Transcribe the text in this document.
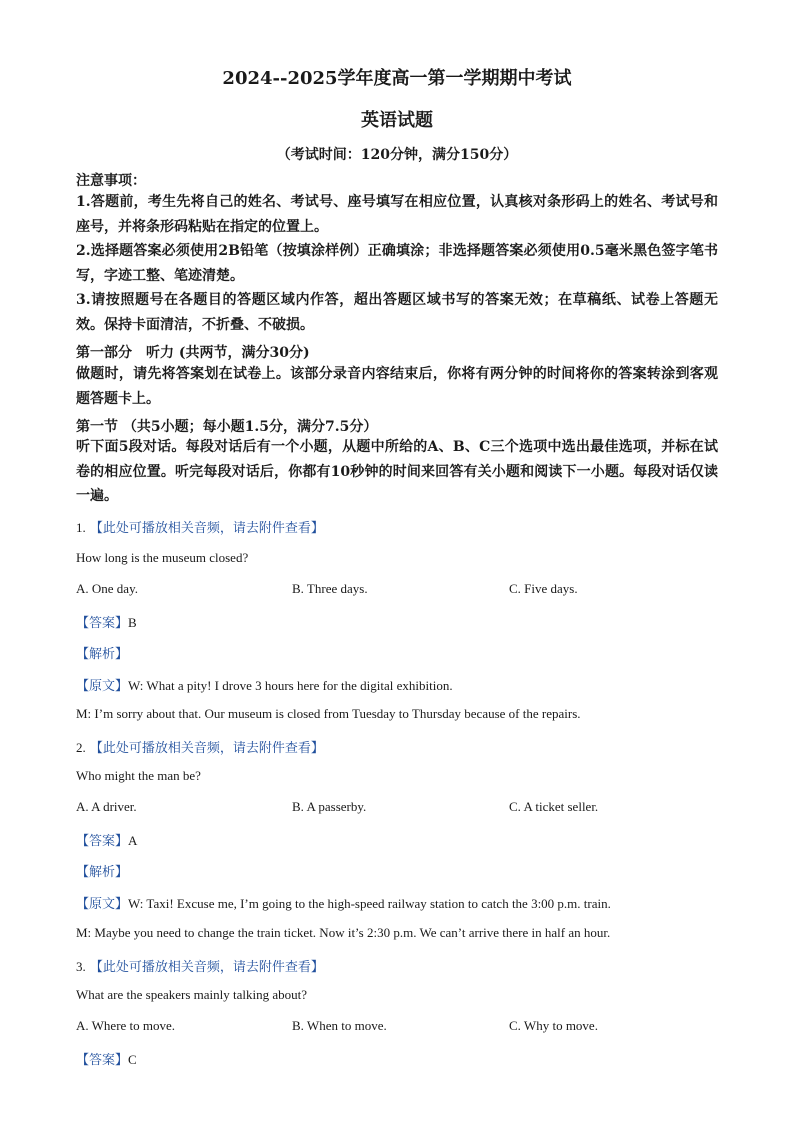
2024--2025学年度高一第一学期期中考试
英语试题
（考试时间：120分钟，满分150分）
注意事项：
1.答题前，考生先将自己的姓名、考试号、座号填写在相应位置，认真核对条形码上的姓名、考试号和座号，并将条形码粘贴在指定的位置上。
2.选择题答案必须使用2B铅笔（按填涂样例）正确填涂；非选择题答案必须使用0.5毫米黑色签字笔书写，字迹工整、笔迹清楚。
3.请按照题号在各题目的答题区域内作答，超出答题区域书写的答案无效；在草稿纸、试卷上答题无效。保持卡面清洁，不折叠、不破损。
第一部分　听力 (共两节，满分30分)
做题时，请先将答案划在试卷上。该部分录音内容结束后，你将有两分钟的时间将你的答案转涂到客观题答题卡上。
第一节 （共5小题；每小题1.5分，满分7.5分）
听下面5段对话。每段对话后有一个小题，从题中所给的A、B、C三个选项中选出最佳选项，并标在试卷的相应位置。听完每段对话后，你都有10秒钟的时间来回答有关小题和阅读下一小题。每段对话仅读一遍。
1. 【此处可播放相关音频，请去附件查看】
How long is the museum closed?
A. One day.	B. Three days.	C. Five days.
【答案】B
【解析】
【原文】W: What a pity! I drove 3 hours here for the digital exhibition.
M: I’m sorry about that. Our museum is closed from Tuesday to Thursday because of the repairs.
2. 【此处可播放相关音频，请去附件查看】
Who might the man be?
A. A driver.	B. A passerby.	C. A ticket seller.
【答案】A
【解析】
【原文】W: Taxi! Excuse me, I’m going to the high-speed railway station to catch the 3:00 p.m. train.
M: Maybe you need to change the train ticket. Now it’s 2:30 p.m. We can’t arrive there in half an hour.
3. 【此处可播放相关音频，请去附件查看】
What are the speakers mainly talking about?
A. Where to move.	B. When to move.	C. Why to move.
【答案】C
